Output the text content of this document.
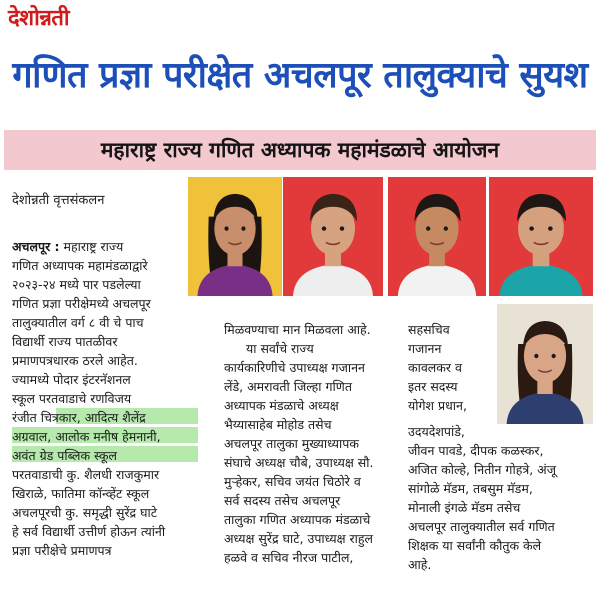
देशोन्नती
गणित प्रज्ञा परीक्षेत अचलपूर तालुक्याचे सुयश
महाराष्ट्र राज्य गणित अध्यापक महामंडळाचे आयोजन
देशोन्नती वृत्तसंकलन

अचलपूर : महाराष्ट्र राज्य

गणित अध्यापक महामंडळाद्वारे

२०२३-२४ मध्ये पार पडलेल्या

गणित प्रज्ञा परीक्षेमध्ये अचलपूर

तालुक्यातील वर्ग ८ वी चे पाच

विद्यार्थी राज्य पातळीवर

प्रमाणपत्रधारक ठरले आहेत.

ज्यामध्ये पोदार इंटरनॅशनल

स्कूल परतवाडाचे रणविजय

रंजीत चित्रकार, आदित्य शैलेंद्र

अग्रवाल, आलोक मनीष हेमनानी,

अवंत ग्रेड पब्लिक स्कूल

परतवाडाची कु. शैलधी राजकुमार

खिराळे, फातिमा कॉन्व्हेंट स्कूल

अचलपूरची कु. समृद्धी सुरेंद्र घाटे

हे सर्व विद्यार्थी उत्तीर्ण होऊन त्यांनी

प्रज्ञा परीक्षेचे प्रमाणपत्र

मिळवण्याचा मान मिळवला आहे.

या सर्वांचे राज्य

कार्यकारिणीचे उपाध्यक्ष गजानन

लेंडे, अमरावती जिल्हा गणित

अध्यापक मंडळाचे अध्यक्ष

भैय्यासाहेब मोहोड तसेच

अचलपूर तालुका मुख्याध्यापक

संघाचे अध्यक्ष चौबे, उपाध्यक्ष सौ.

मुऱ्हेकर, सचिव जयंत चिठोरे व

सर्व सदस्य तसेच अचलपूर

तालुका गणित अध्यापक मंडळाचे

अध्यक्ष सुरेंद्र घाटे, उपाध्यक्ष राहुल

हळवे व सचिव नीरज पाटील,

सहसचिव

गजानन

कावलकर व

इतर सदस्य

योगेश प्रधान,

उदयदेशपांडे,

जीवन पावडे, दीपक कळस्कर,

अजित कोल्हे, नितीन गोहत्रे, अंजू

सांगोळे मॅडम, तबसुम मॅडम,

मोनाली इंगळे मॅडम तसेच

अचलपूर तालुक्यातील सर्व गणित

शिक्षक या सर्वांनी कौतुक केले

आहे.
